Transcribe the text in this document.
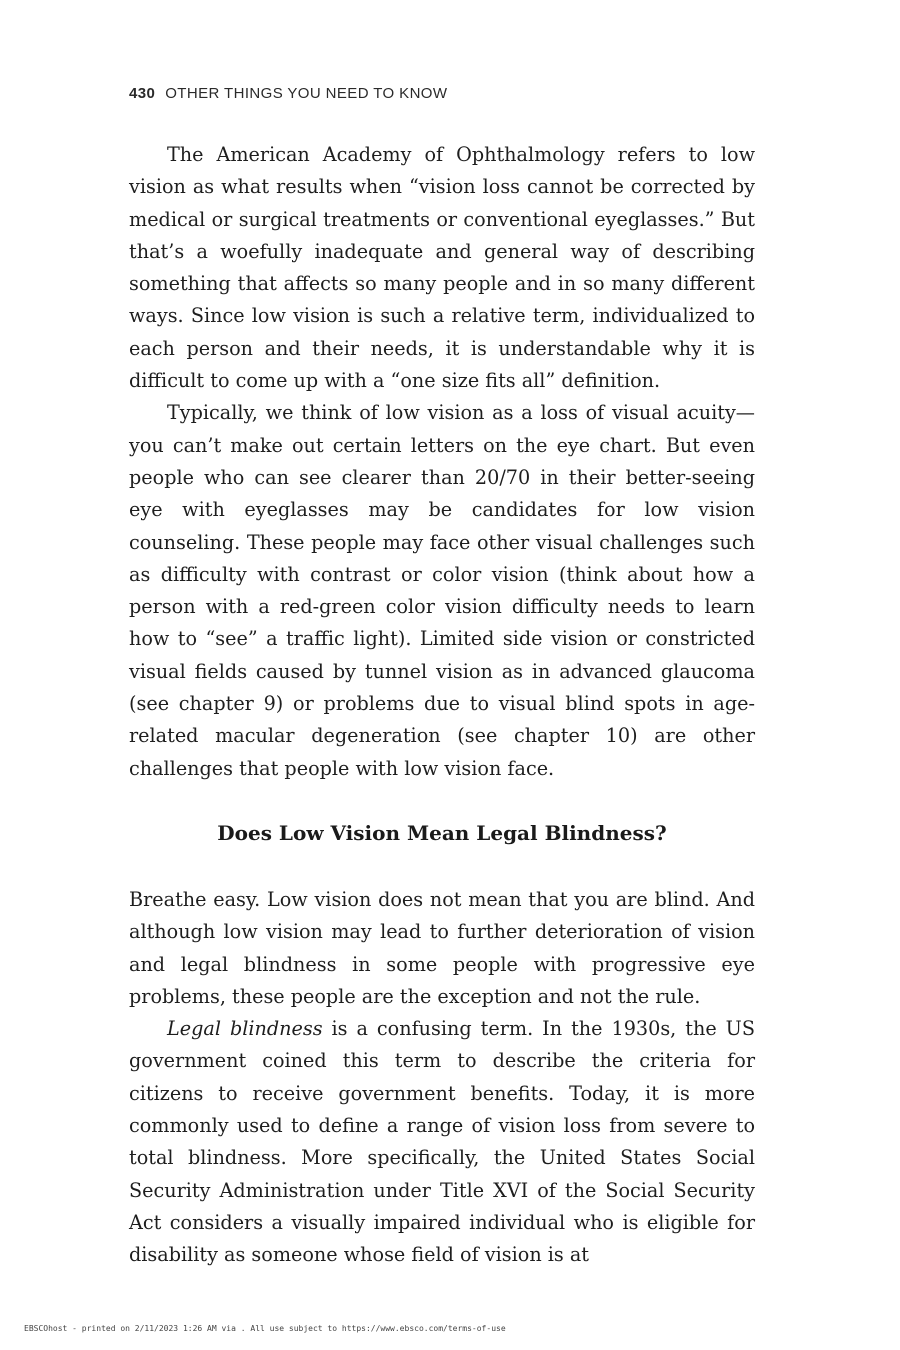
430 OTHER THINGS YOU NEED TO KNOW

The American Academy of Ophthalmology refers to low vision as what results when “vision loss cannot be corrected by medical or surgical treatments or conventional eyeglasses.” But that’s a woefully inadequate and general way of describing something that affects so many people and in so many different ways. Since low vision is such a relative term, individualized to each person and their needs, it is understandable why it is difficult to come up with a “one size fits all” definition.

Typically, we think of low vision as a loss of visual acuity—you can’t make out certain letters on the eye chart. But even people who can see clearer than 20/70 in their better-seeing eye with eyeglasses may be candidates for low vision counseling. These people may face other visual challenges such as difficulty with contrast or color vision (think about how a person with a red-green color vision difficulty needs to learn how to “see” a traffic light). Limited side vision or constricted visual fields caused by tunnel vision as in advanced glaucoma (see chapter 9) or problems due to visual blind spots in age-related macular degeneration (see chapter 10) are other challenges that people with low vision face.

Does Low Vision Mean Legal Blindness?

Breathe easy. Low vision does not mean that you are blind. And although low vision may lead to further deterioration of vision and legal blindness in some people with progressive eye problems, these people are the exception and not the rule.

Legal blindness is a confusing term. In the 1930s, the US government coined this term to describe the criteria for citizens to receive government benefits. Today, it is more commonly used to define a range of vision loss from severe to total blindness. More specifically, the United States Social Security Administration under Title XVI of the Social Security Act considers a visually impaired individual who is eligible for disability as someone whose field of vision is at

EBSCOhost - printed on 2/11/2023 1:26 AM via . All use subject to https://www.ebsco.com/terms-of-use
